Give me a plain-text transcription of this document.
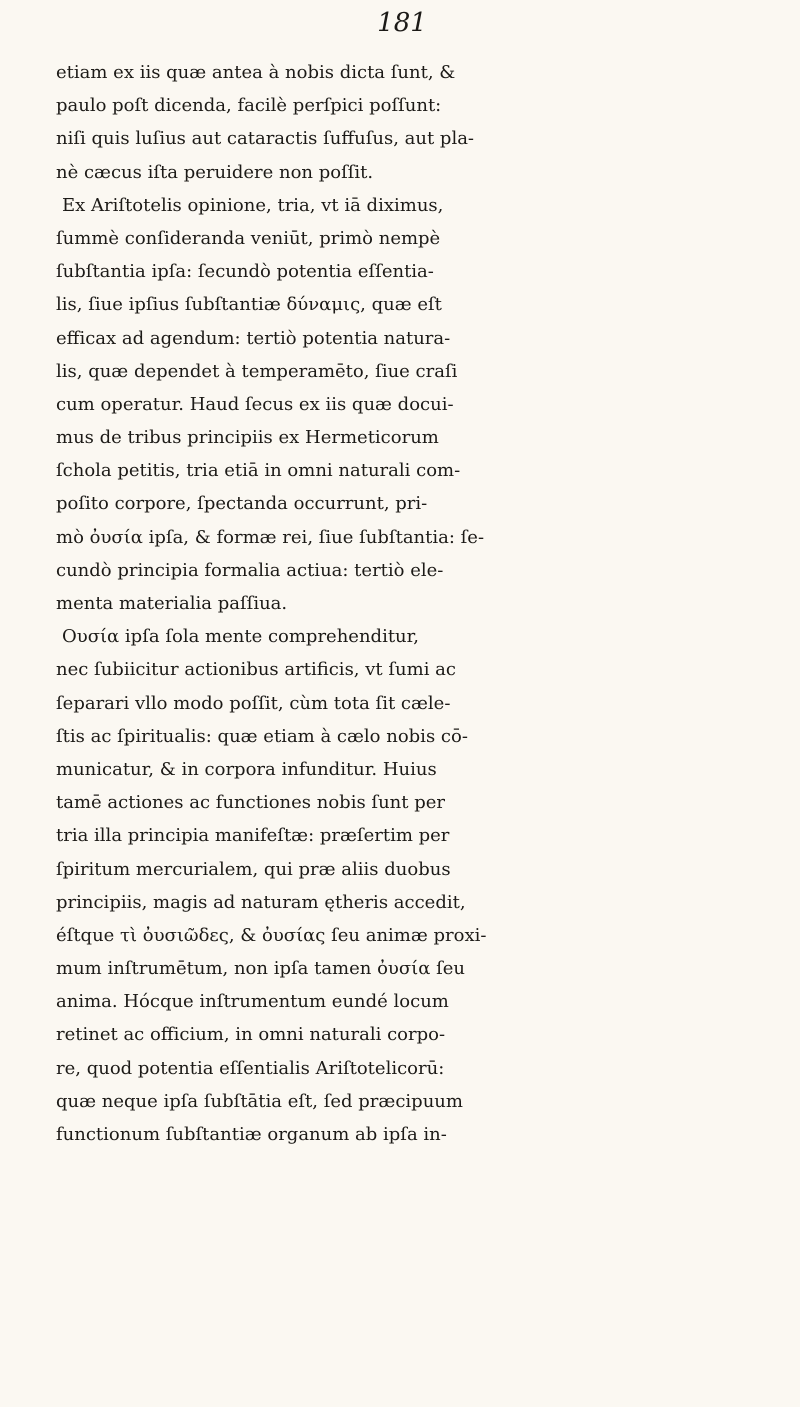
181
etiam ex iis quæ antea à nobis dicta ſunt, &
paulo poſt dicenda, facilè perſpici poſſunt:
niſi quis luſius aut cataractis ſuffuſus, aut pla-
nè cæcus iſta peruidere non poſſit.
Ex Ariſtotelis opinione, tria, vt iā diximus,
ſummè conſideranda veniūt, primò nempè
ſubſtantia ipſa: ſecundò potentia eſſentia-
lis, ſiue ipſius ſubſtantiæ δύναμις, quæ eſt
efficax ad agendum: tertiò potentia natura-
lis, quæ dependet à temperamēto, ſiue craſi
cum operatur. Haud ſecus ex iis quæ docui-
mus de tribus principiis ex Hermeticorum
ſchola petitis, tria etiā in omni naturali com-
poſito corpore, ſpectanda occurrunt, pri-
mò ὀυσία ipſa, & formæ rei, ſiue ſubſtantia: ſe-
cundò principia formalia actiua: tertiò ele-
menta materialia paſſiua.
Ουσία ipſa ſola mente comprehenditur,
nec ſubiicitur actionibus artificis, vt ſumi ac
ſeparari vllo modo poſſit, cùm tota ſit cæle-
ſtis ac ſpiritualis: quæ etiam à cælo nobis cō-
municatur, & in corpora infunditur. Huius
tamē actiones ac functiones nobis ſunt per
tria illa principia manifeſtæ: præſertim per
ſpiritum mercurialem, qui præ aliis duobus
principiis, magis ad naturam ętheris accedit,
éſtque τὶ ὀυσιῶδες, & ὀυσίας ſeu animæ proxi-
mum inſtrumētum, non ipſa tamen ὀυσία ſeu
anima. Hócque inſtrumentum eundé locum
retinet ac officium, in omni naturali corpo-
re, quod potentia eſſentialis Ariſtotelicorū:
quæ neque ipſa ſubſtātia eſt, ſed præcipuum
functionum ſubſtantiæ organum ab ipſa in-
